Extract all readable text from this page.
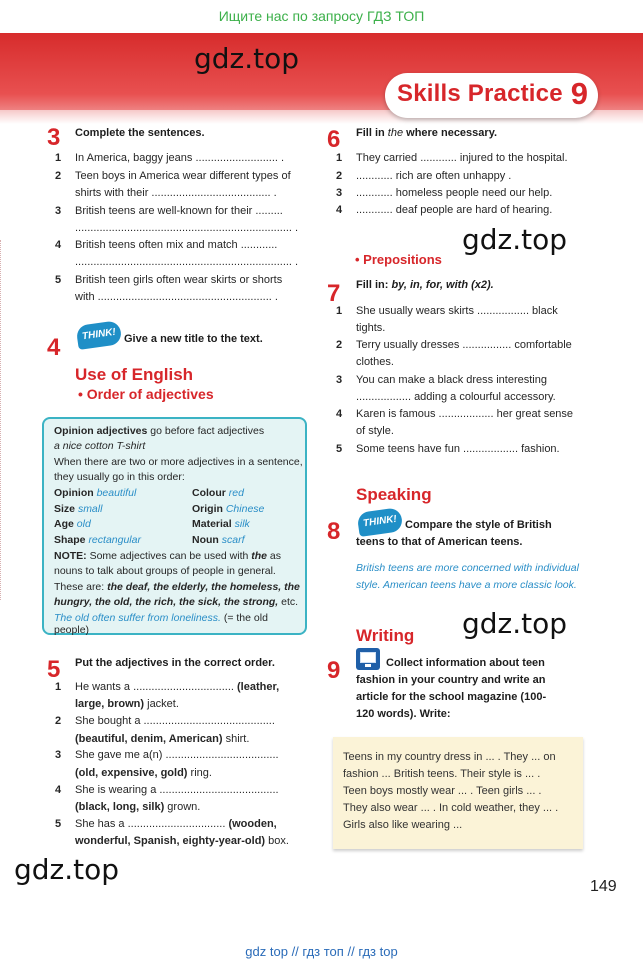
Ищите нас по запросу ГДЗ ТОП
Skills Practice 9
gdz.top
3 Complete the sentences.
1 In America, baggy jeans ........................... .
2 Teen boys in America wear different types of
shirts with their ....................................... .
3 British teens are well-known for their .........
....................................................................... .
4 British teens often mix and match ............
....................................................................... .
5 British teen girls often wear skirts or shorts
with ......................................................... .
4	THINK! Give a new title to the text.
Use of English
• Order of adjectives
Opinion adjectives go before fact adjectives
a nice cotton T-shirt
When there are two or more adjectives in a sentence,
they usually go in this order:
Opinion beautiful	Colour red
Size small	Origin Chinese
Age old	Material silk
Shape rectangular	Noun scarf
NOTE: Some adjectives can be used with the as
nouns to talk about groups of people in general.
These are: the deaf, the elderly, the homeless, the
hungry, the old, the rich, the sick, the strong, etc.
The old often suffer from loneliness. (= the old people)
5 Put the adjectives in the correct order.
1 He wants a ................................. (leather,
large, brown) jacket.
2 She bought a ...........................................
(beautiful, denim, American) shirt.
3 She gave me a(n) .....................................
(old, expensive, gold) ring.
4 She is wearing a .......................................
(black, long, silk) grown.
5 She has a ................................ (wooden,
wonderful, Spanish, eighty-year-old) box.
6 Fill in the where necessary.
1 They carried ............ injured to the hospital.
2 ............ rich are often unhappy .
3 ............ homeless people need our help.
4 ............ deaf people are hard of hearing.
gdz.top
• Prepositions
7 Fill in: by, in, for, with (x2).
1 She usually wears skirts ................. black
tights.
2 Terry usually dresses ................ comfortable
clothes.
3 You can make a black dress interesting
.................. adding a colourful accessory.
4 Karen is famous .................. her great sense
of style.
5 Some teens have fun .................. fashion.
Speaking
8	THINK! Compare the style of British
teens to that of American teens.
British teens are more concerned with individual
style. American teens have a more classic look.
gdz.top
Writing
9	Collect information about teen
fashion in your country and write an
article for the school magazine (100-
120 words). Write:
Teens in my country dress in ... . They ... on
fashion ... British teens. Their style is ... .
Teen boys mostly wear ... . Teen girls ... .
They also wear ... . In cold weather, they ... .
Girls also like wearing ...
gdz.top
149
gdz top // гдз топ // гдз top
